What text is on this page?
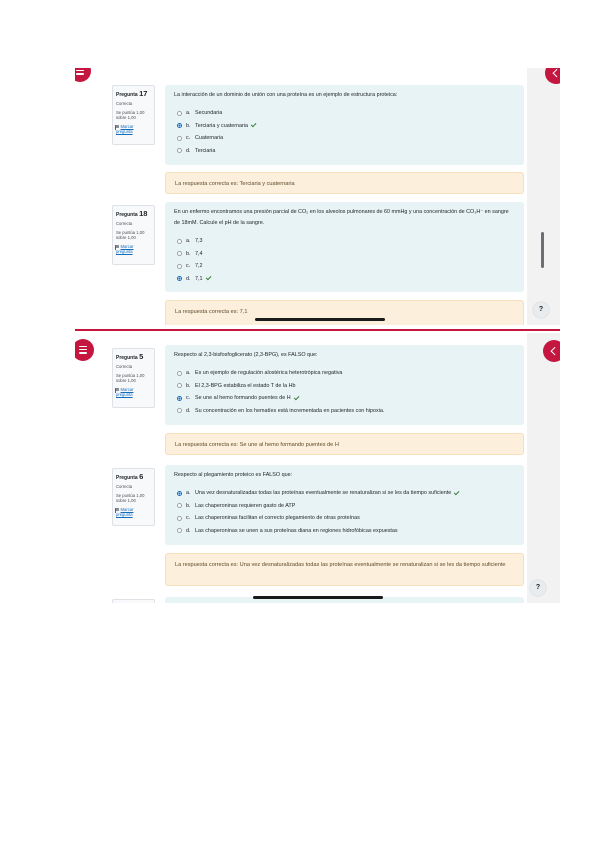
Pregunta 17
Correcta
Se puntúa 1,00 sobre 1,00
Marcar pregunta
La interacción de un dominio de unión con una proteína es un ejemplo de estructura proteica:
a. Secundaria
b. Terciaria y cuaternaria
c. Cuaternaria
d. Terciaria
La respuesta correcta es: Terciaria y cuaternaria
Pregunta 18
Correcta
Se puntúa 1,00 sobre 1,00
Marcar pregunta
En un enfermo encontramos una presión parcial de CO₂ en los alveolos pulmonares de 60 mmHg y una concentración de CO₃H⁻ en sangre de 18mM. Calcule el pH de la sangre.
a. 7,3
b. 7,4
c. 7,2
d. 7,1
La respuesta correcta es: 7,1	?
Pregunta 5
Correcta
Se puntúa 1,00 sobre 1,00
Marcar pregunta
Respecto al 2,3-bisfosfoglicerato (2,3-BPG), es FALSO que:
a. Es un ejemplo de regulación alostérica heterotrópica negativa
b. El 2,3-BPG estabiliza el estado T de la Hb
c. Se une al hemo formando puentes de H
d. Su concentración en los hematíes está incrementada en pacientes con hipoxia.
La respuesta correcta es: Se une al hemo formando puentes de H
Pregunta 6
Correcta
Se puntúa 1,00 sobre 1,00
Marcar pregunta
Respecto al plegamiento proteico es FALSO que:
a. Una vez desnaturalizadas todas las proteínas eventualmente se renaturalizan si se les da tiempo suficiente
b. Las chaperoninas requieren gasto de ATP
c. Las chaperoninas facilitan el correcto plegamiento de otras proteínas
d. Las chaperoninas se unen a sus proteínas diana en regiones hidrofóbicas expuestas
La respuesta correcta es: Una vez desnaturalizadas todas las proteínas eventualmente se renaturalizan si se les da tiempo suficiente
?
